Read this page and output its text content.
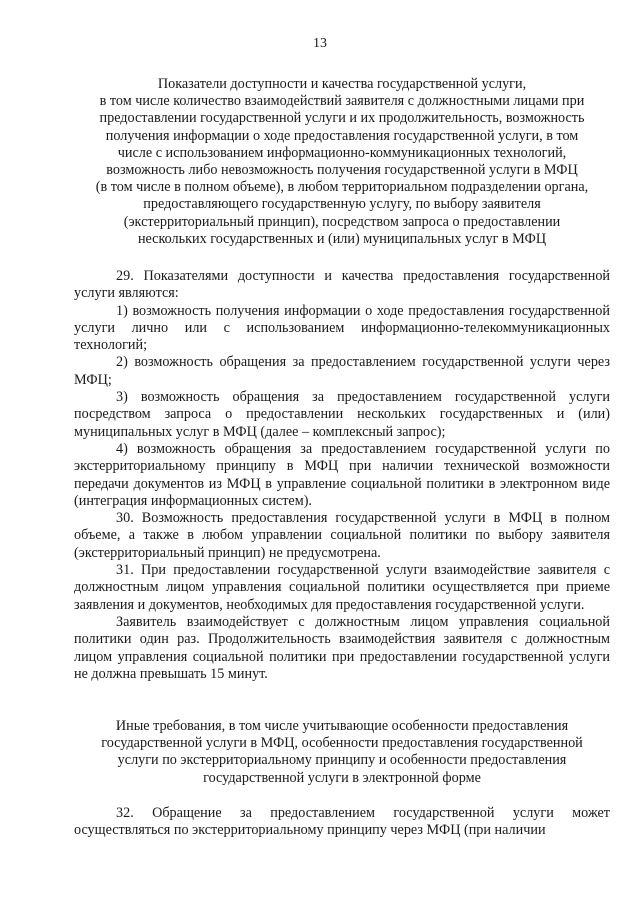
13
Показатели доступности и качества государственной услуги,
в том числе количество взаимодействий заявителя с должностными лицами при
предоставлении государственной услуги и их продолжительность, возможность
получения информации о ходе предоставления государственной услуги, в том
числе с использованием информационно-коммуникационных технологий,
возможность либо невозможность получения государственной услуги в МФЦ
(в том числе в полном объеме), в любом территориальном подразделении органа,
предоставляющего государственную услугу, по выбору заявителя
(экстерриториальный принцип), посредством запроса о предоставлении
нескольких государственных и (или) муниципальных услуг в МФЦ
29. Показателями доступности и качества предоставления государственной услуги являются:
1) возможность получения информации о ходе предоставления государственной услуги лично или с использованием информационно-телекоммуникационных технологий;
2) возможность обращения за предоставлением государственной услуги через МФЦ;
3) возможность обращения за предоставлением государственной услуги посредством запроса о предоставлении нескольких государственных и (или) муниципальных услуг в МФЦ (далее – комплексный запрос);
4) возможность обращения за предоставлением государственной услуги по экстерриториальному принципу в МФЦ при наличии технической возможности передачи документов из МФЦ в управление социальной политики в электронном виде (интеграция информационных систем).
30. Возможность предоставления государственной услуги в МФЦ в полном объеме, а также в любом управлении социальной политики по выбору заявителя (экстерриториальный принцип) не предусмотрена.
31. При предоставлении государственной услуги взаимодействие заявителя с должностным лицом управления социальной политики осуществляется при приеме заявления и документов, необходимых для предоставления государственной услуги.
Заявитель взаимодействует с должностным лицом управления социальной политики один раз. Продолжительность взаимодействия заявителя с должностным лицом управления социальной политики при предоставлении государственной услуги не должна превышать 15 минут.
Иные требования, в том числе учитывающие особенности предоставления
государственной услуги в МФЦ, особенности предоставления государственной
услуги по экстерриториальному принципу и особенности предоставления
государственной услуги в электронной форме
32. Обращение за предоставлением государственной услуги может осуществляться по экстерриториальному принципу через МФЦ (при наличии
